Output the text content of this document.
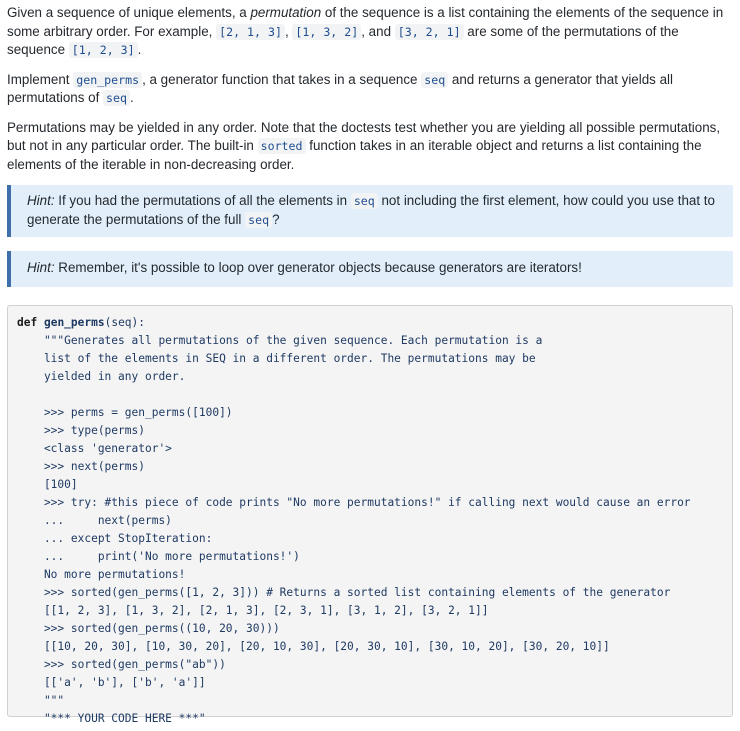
Given a sequence of unique elements, a permutation of the sequence is a list containing the elements of the sequence in some arbitrary order. For example, [2, 1, 3] , [1, 3, 2] , and [3, 2, 1] are some of the permutations of the sequence [1, 2, 3] .

Implement gen_perms , a generator function that takes in a sequence seq and returns a generator that yields all permutations of seq .

Permutations may be yielded in any order. Note that the doctests test whether you are yielding all possible permutations, but not in any particular order. The built-in sorted function takes in an iterable object and returns a list containing the elements of the iterable in non-decreasing order.

Hint: If you had the permutations of all the elements in seq not including the first element, how could you use that to generate the permutations of the full seq ?
Hint: Remember, it's possible to loop over generator objects because generators are iterators!
def gen_perms(seq):
"""Generates all permutations of the given sequence. Each permutation is a
list of the elements in SEQ in a different order. The permutations may be
yielded in any order.

>>> perms = gen_perms([100])
>>> type(perms)
<class 'generator'>
>>> next(perms)
[100]
>>> try: #this piece of code prints "No more permutations!" if calling next would cause an error
...     next(perms)
... except StopIteration:
...     print('No more permutations!')
No more permutations!
>>> sorted(gen_perms([1, 2, 3])) # Returns a sorted list containing elements of the generator
[[1, 2, 3], [1, 3, 2], [2, 1, 3], [2, 3, 1], [3, 1, 2], [3, 2, 1]]
>>> sorted(gen_perms((10, 20, 30)))
[[10, 20, 30], [10, 30, 20], [20, 10, 30], [20, 30, 10], [30, 10, 20], [30, 20, 10]]
>>> sorted(gen_perms("ab"))
[['a', 'b'], ['b', 'a']]
"""
"*** YOUR CODE HERE ***"
